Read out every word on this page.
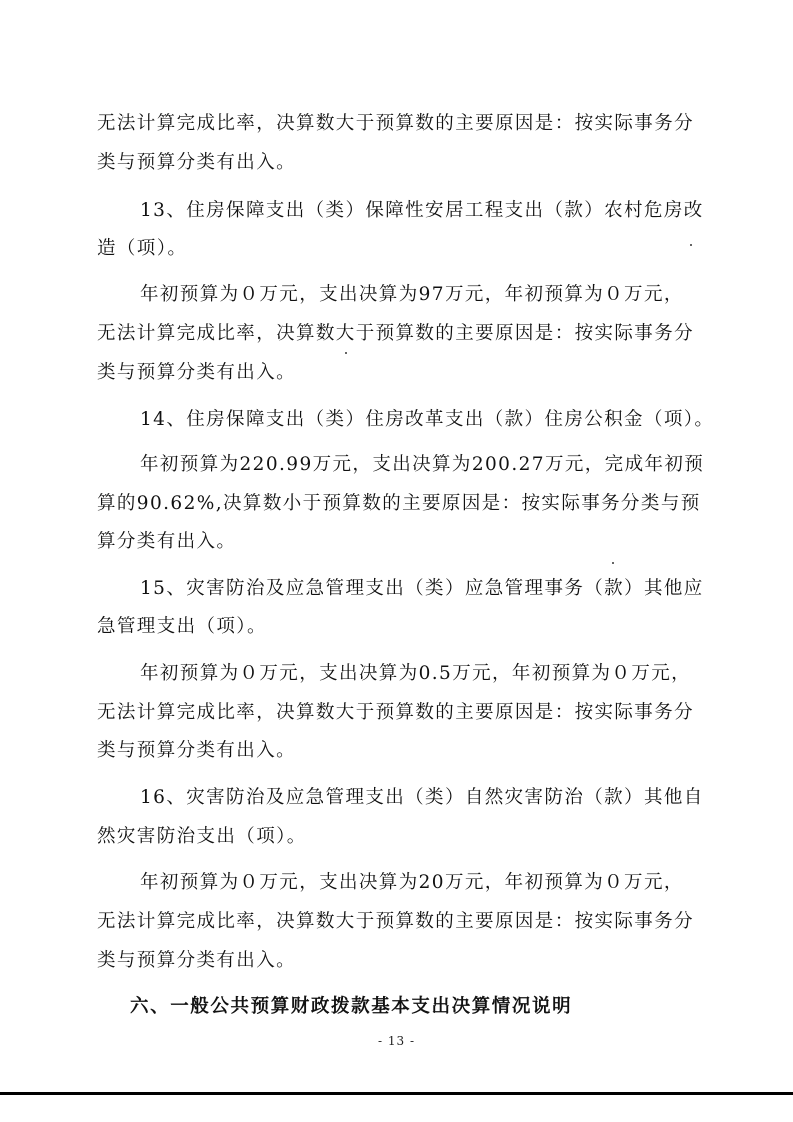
无法计算完成比率，决算数大于预算数的主要原因是：按实际事务分
类与预算分类有出入。
13、住房保障支出（类）保障性安居工程支出（款）农村危房改
造（项）。
年初预算为０万元，支出决算为97万元，年初预算为０万元，
无法计算完成比率，决算数大于预算数的主要原因是：按实际事务分
类与预算分类有出入。
14、住房保障支出（类）住房改革支出（款）住房公积金（项）。
年初预算为220.99万元，支出决算为200.27万元，完成年初预
算的90.62%,决算数小于预算数的主要原因是：按实际事务分类与预
算分类有出入。
15、灾害防治及应急管理支出（类）应急管理事务（款）其他应
急管理支出（项）。
年初预算为０万元，支出决算为0.5万元，年初预算为０万元，
无法计算完成比率，决算数大于预算数的主要原因是：按实际事务分
类与预算分类有出入。
16、灾害防治及应急管理支出（类）自然灾害防治（款）其他自
然灾害防治支出（项）。
年初预算为０万元，支出决算为20万元，年初预算为０万元，
无法计算完成比率，决算数大于预算数的主要原因是：按实际事务分
类与预算分类有出入。
六、一般公共预算财政拨款基本支出决算情况说明
- 13 -
